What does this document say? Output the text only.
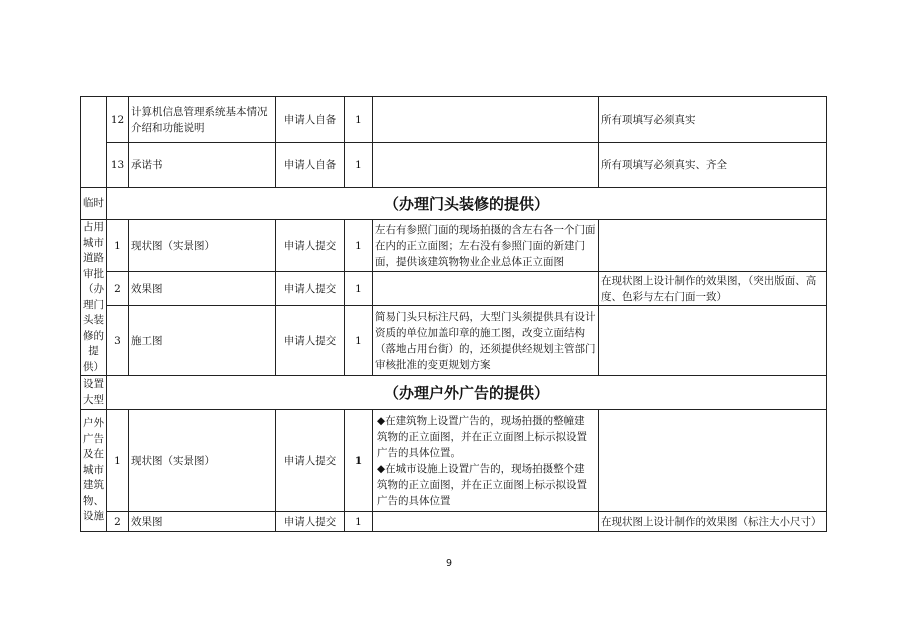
	12	计算机信息管理系统基本情况介绍和功能说明	申请人自备	1		所有项填写必须真实
	13	承诺书	申请人自备	1		所有项填写必须真实、齐全
临时	（办理门头装修的提供）					
占用城市道路审批（办理门头装修的提供）	1	现状图（实景图）	申请人提交	1	左右有参照门面的现场拍摄的含左右各一个门面在内的正立面图；左右没有参照门面的新建门面，提供该建筑物物业企业总体正立面图	
	2	效果图	申请人提交	1		在现状图上设计制作的效果图，（突出版面、高度、色彩与左右门面一致）
	3	施工图	申请人提交	1	简易门头只标注尺码，大型门头须提供具有设计资质的单位加盖印章的施工图，改变立面结构（落地占用台街）的，还须提供经规划主管部门审核批准的变更规划方案	
设置大型	（办理户外广告的提供）					
户外广告及在城市建筑物、设施	1	现状图（实景图）	申请人提交	1	◆在建筑物上设置广告的，现场拍摄的整幢建筑物的正立面图，并在正立面图上标示拟设置广告的具体位置。
◆在城市设施上设置广告的，现场拍摄整个建筑物的正立面图，并在正立面图上标示拟设置广告的具体位置	

	2	效果图	申请人提交	1		在现状图上设计制作的效果图（标注大小尺寸）
9
